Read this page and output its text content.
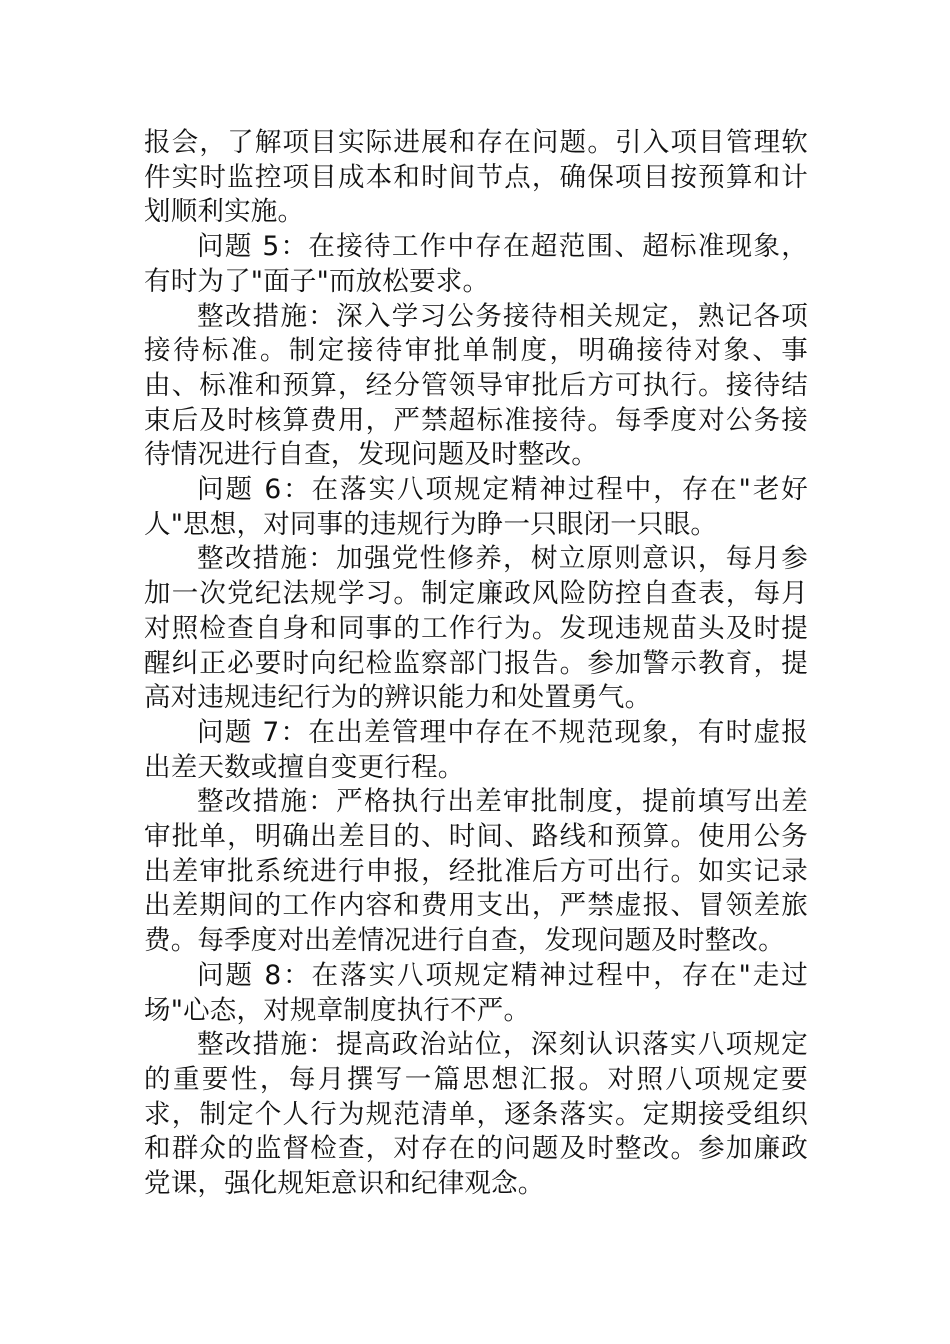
报会，了解项目实际进展和存在问题。引入项目管理软件实时监控项目成本和时间节点，确保项目按预算和计划顺利实施。

问题 5：在接待工作中存在超范围、超标准现象，有时为了"面子"而放松要求。

整改措施：深入学习公务接待相关规定，熟记各项接待标准。制定接待审批单制度，明确接待对象、事由、标准和预算，经分管领导审批后方可执行。接待结束后及时核算费用，严禁超标准接待。每季度对公务接待情况进行自查，发现问题及时整改。

问题 6：在落实八项规定精神过程中，存在"老好人"思想，对同事的违规行为睁一只眼闭一只眼。

整改措施：加强党性修养，树立原则意识，每月参加一次党纪法规学习。制定廉政风险防控自查表，每月对照检查自身和同事的工作行为。发现违规苗头及时提醒纠正必要时向纪检监察部门报告。参加警示教育，提高对违规违纪行为的辨识能力和处置勇气。

问题 7：在出差管理中存在不规范现象，有时虚报出差天数或擅自变更行程。

整改措施：严格执行出差审批制度，提前填写出差审批单，明确出差目的、时间、路线和预算。使用公务出差审批系统进行申报，经批准后方可出行。如实记录出差期间的工作内容和费用支出，严禁虚报、冒领差旅费。每季度对出差情况进行自查，发现问题及时整改。

问题 8：在落实八项规定精神过程中，存在"走过场"心态，对规章制度执行不严。

整改措施：提高政治站位，深刻认识落实八项规定的重要性，每月撰写一篇思想汇报。对照八项规定要求，制定个人行为规范清单，逐条落实。定期接受组织和群众的监督检查，对存在的问题及时整改。参加廉政党课，强化规矩意识和纪律观念。
